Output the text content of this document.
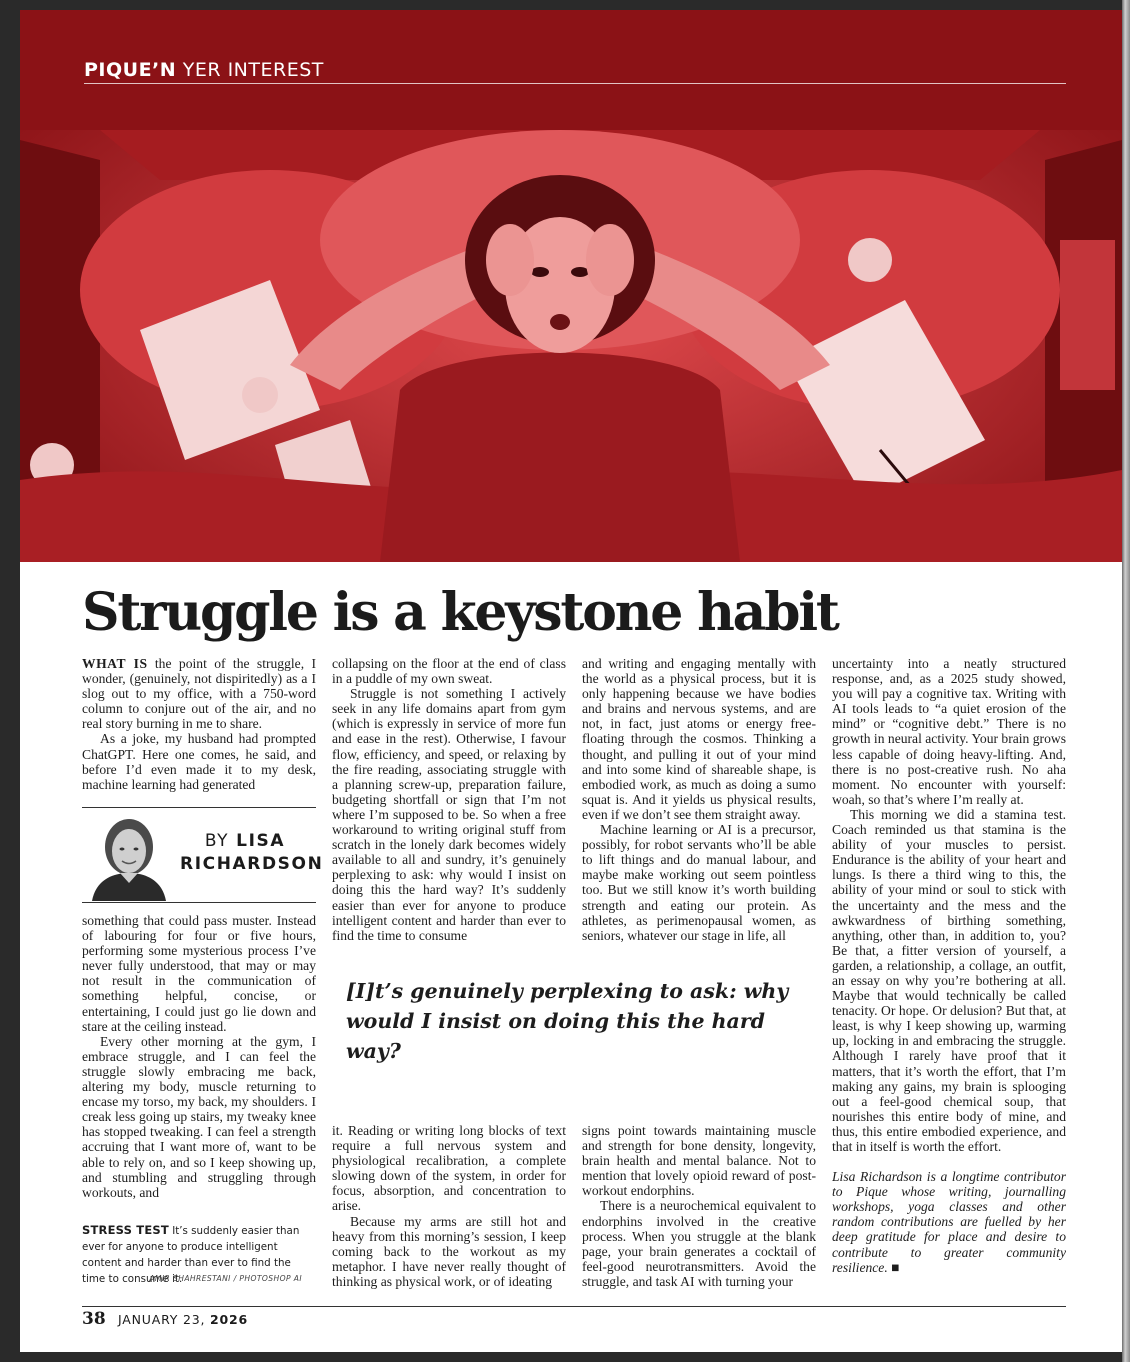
PIQUE’N YER INTEREST
Struggle is a keystone habit

WHAT IS the point of the struggle, I wonder, (genuinely, not dispiritedly) as a I slog out to my office, with a 750-word column to conjure out of the air, and no real story burning in me to share.

As a joke, my husband had prompted ChatGPT. Here one comes, he said, and before I’d even made it to my desk, machine learning had generated

BY LISA
RICHARDSON

something that could pass muster. Instead of labouring for four or five hours, performing some mysterious process I’ve never fully understood, that may or may not result in the communication of something helpful, concise, or entertaining, I could just go lie down and stare at the ceiling instead.

Every other morning at the gym, I embrace struggle, and I can feel the struggle slowly embracing me back, altering my body, muscle returning to encase my torso, my back, my shoulders. I creak less going up stairs, my tweaky knee has stopped tweaking. I can feel a strength accruing that I want more of, want to be able to rely on, and so I keep showing up, and stumbling and struggling through workouts, and

collapsing on the floor at the end of class in a puddle of my own sweat.

Struggle is not something I actively seek in any life domains apart from gym (which is expressly in service of more fun and ease in the rest). Otherwise, I favour flow, efficiency, and speed, or relaxing by the fire reading, associating struggle with a planning screw-up, preparation failure, budgeting shortfall or sign that I’m not where I’m supposed to be. So when a free workaround to writing original stuff from scratch in the lonely dark becomes widely available to all and sundry, it’s genuinely perplexing to ask: why would I insist on doing this the hard way? It’s suddenly easier than ever for anyone to produce intelligent content and harder than ever to find the time to consume

it. Reading or writing long blocks of text require a full nervous system and physiological recalibration, a complete slowing down of the system, in order for focus, absorption, and concentration to arise.

Because my arms are still hot and heavy from this morning’s session, I keep coming back to the workout as my metaphor. I have never really thought of thinking as physical work, or of ideating

and writing and engaging mentally with the world as a physical process, but it is only happening because we have bodies and brains and nervous systems, and are not, in fact, just atoms or energy free-floating through the cosmos. Thinking a thought, and pulling it out of your mind and into some kind of shareable shape, is embodied work, as much as doing a sumo squat is. And it yields us physical results, even if we don’t see them straight away.

Machine learning or AI is a precursor, possibly, for robot servants who’ll be able to lift things and do manual labour, and maybe make working out seem pointless too. But we still know it’s worth building strength and eating our protein. As athletes, as perimenopausal women, as seniors, whatever our stage in life, all

signs point towards maintaining muscle and strength for bone density, longevity, brain health and mental balance. Not to mention that lovely opioid reward of post-workout endorphins.

There is a neurochemical equivalent to endorphins involved in the creative process. When you struggle at the blank page, your brain generates a cocktail of feel-good neurotransmitters. Avoid the struggle, and task AI with turning your

[I]t’s genuinely perplexing to ask: why would I insist on doing this the hard way?

uncertainty into a neatly structured response, and, as a 2025 study showed, you will pay a cognitive tax. Writing with AI tools leads to “a quiet erosion of the mind” or “cognitive debt.” There is no growth in neural activity. Your brain grows less capable of doing heavy-lifting. And, there is no post-creative rush. No aha moment. No encounter with yourself: woah, so that’s where I’m really at.

This morning we did a stamina test. Coach reminded us that stamina is the ability of your muscles to persist. Endurance is the ability of your heart and lungs. Is there a third wing to this, the ability of your mind or soul to stick with the uncertainty and the mess and the awkwardness of birthing something, anything, other than, in addition to, you? Be that, a fitter version of yourself, a garden, a relationship, a collage, an outfit, an essay on why you’re bothering at all. Maybe that would technically be called tenacity. Or hope. Or delusion? But that, at least, is why I keep showing up, warming up, locking in and embracing the struggle. Although I rarely have proof that it matters, that it’s worth the effort, that I’m making any gains, my brain is splooging out a feel-good chemical soup, that nourishes this entire body of mine, and thus, this entire embodied experience, and that in itself is worth the effort.

Lisa Richardson is a longtime contributor to Pique whose writing, journalling workshops, yoga classes and other random contributions are fuelled by her deep gratitude for place and desire to contribute to greater community resilience. ■

STRESS TEST It’s suddenly easier than ever for anyone to produce intelligent content and harder than ever to find the time to consume it.
AMIR SHAHRESTANI / PHOTOSHOP AI
38 JANUARY 23, 2026
